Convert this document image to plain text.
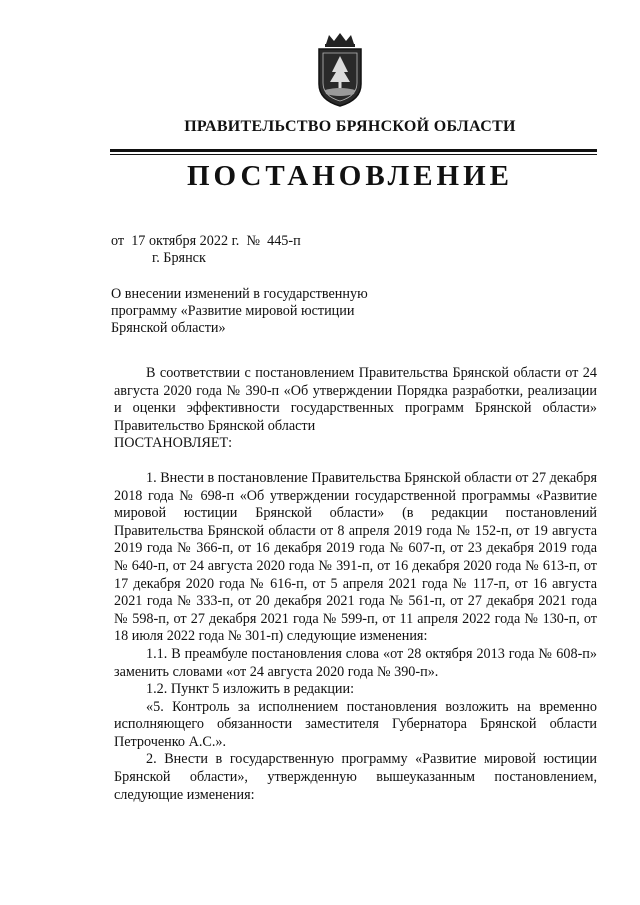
ПРАВИТЕЛЬСТВО БРЯНСКОЙ ОБЛАСТИ
ПОСТАНОВЛЕНИЕ
от 17 октября 2022 г. № 445-п
г. Брянск
О внесении изменений в государственную
программу «Развитие мировой юстиции
Брянской области»

В соответствии с постановлением Правительства Брянской области от 24 августа 2020 года № 390-п «Об утверждении Порядка разработки, реализации и оценки эффективности государственных программ Брянской области» Правительство Брянской области

ПОСТАНОВЛЯЕТ:

1. Внести в постановление Правительства Брянской области от 27 декабря 2018 года № 698-п «Об утверждении государственной программы «Развитие мировой юстиции Брянской области» (в редакции постановлений Правительства Брянской области от 8 апреля 2019 года № 152-п, от 19 августа 2019 года № 366-п, от 16 декабря 2019 года № 607-п, от 23 декабря 2019 года № 640-п, от 24 августа 2020 года № 391-п, от 16 декабря 2020 года № 613-п, от 17 декабря 2020 года № 616-п, от 5 апреля 2021 года № 117-п, от 16 августа 2021 года № 333-п, от 20 декабря 2021 года № 561-п, от 27 декабря 2021 года № 598-п, от 27 декабря 2021 года № 599-п, от 11 апреля 2022 года № 130-п, от 18 июля 2022 года № 301-п) следующие изменения:

1.1. В преамбуле постановления слова «от 28 октября 2013 года № 608-п» заменить словами «от 24 августа 2020 года № 390-п».

1.2. Пункт 5 изложить в редакции:

«5. Контроль за исполнением постановления возложить на временно исполняющего обязанности заместителя Губернатора Брянской области Петроченко А.С.».

2. Внести в государственную программу «Развитие мировой юстиции Брянской области», утвержденную вышеуказанным постановлением, следующие изменения:
